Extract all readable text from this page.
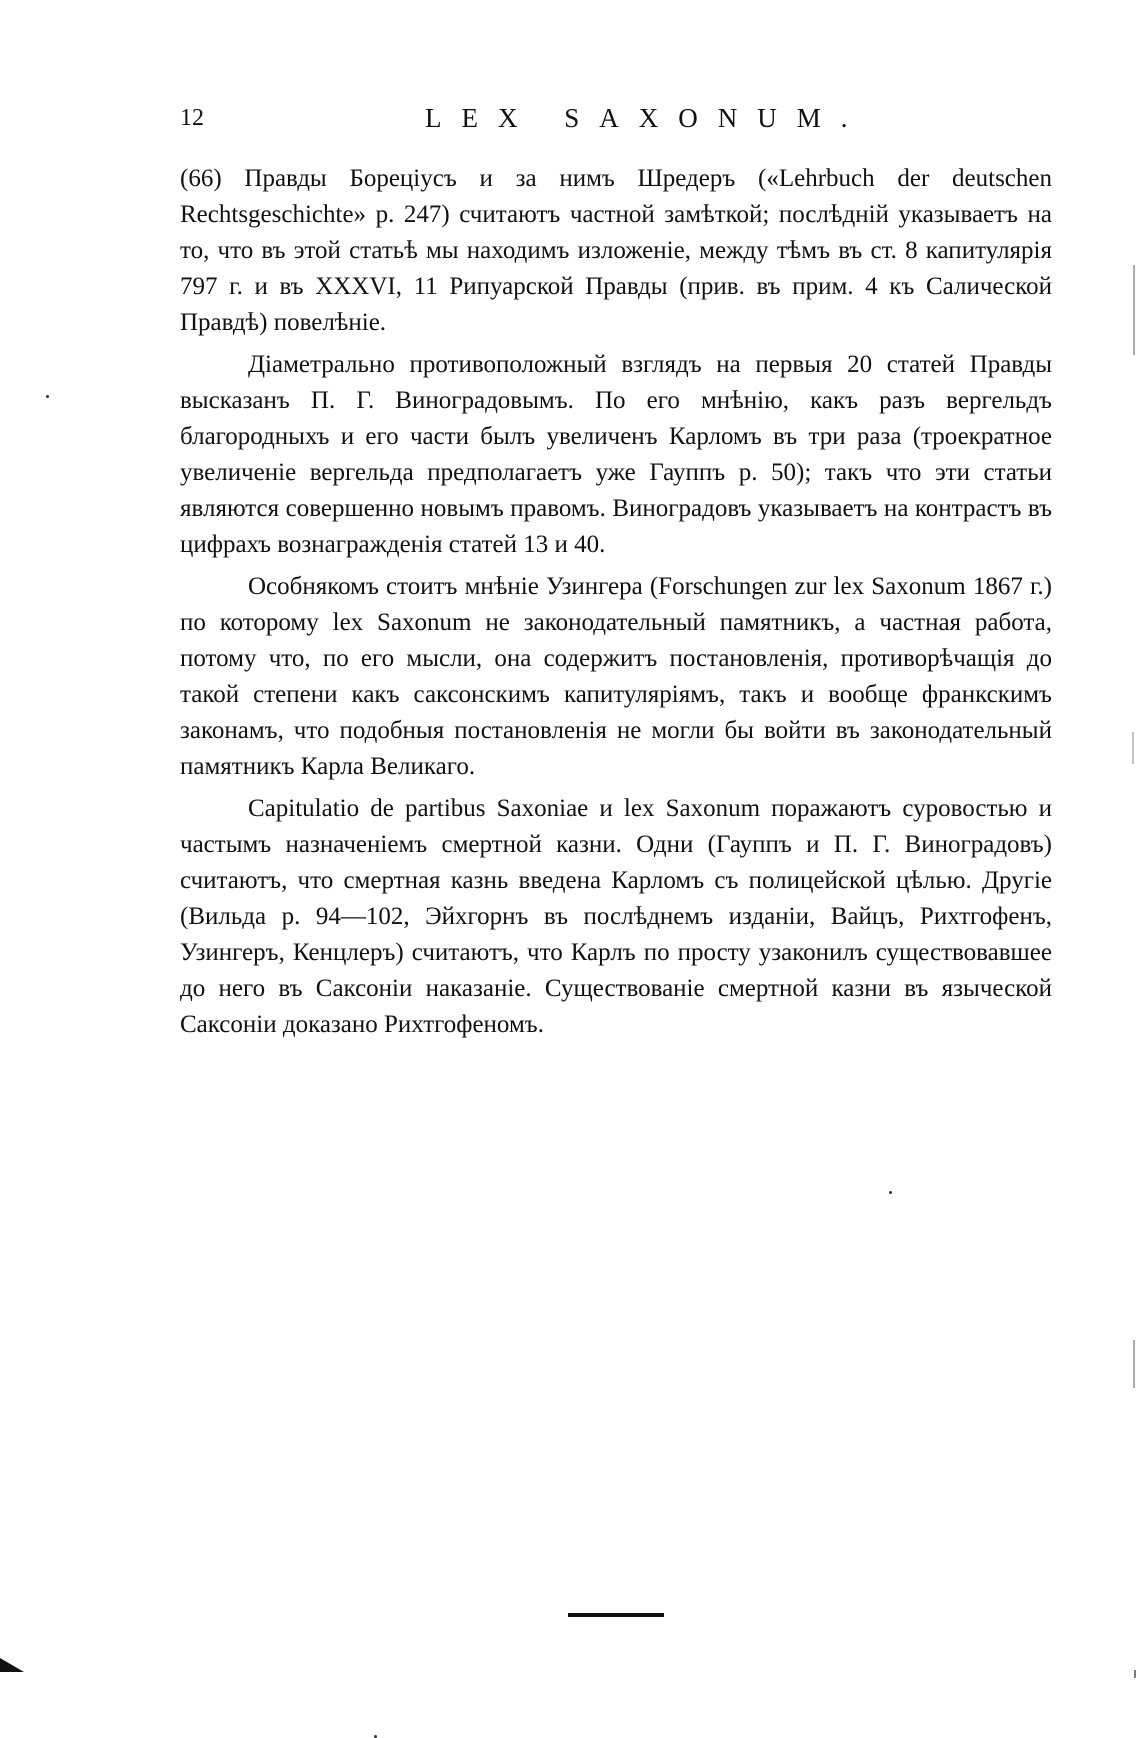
12	LEX SAXONUM.

(66) Правды Борецiусъ и за нимъ Шредеръ («Lehrbuch der deutschen Rechtsgeschichte» p. 247) считаютъ частной замѣткой; послѣднiй указываетъ на то, что въ этой статьѣ мы находимъ изложенiе, между тѣмъ въ ст. 8 капитулярiя 797 г. и въ XXXVI, 11 Рипуарской Правды (прив. въ прим. 4 къ Салической Правдѣ) повелѣнiе.

Дiаметрально противоположный взглядъ на первыя 20 статей Правды высказанъ П. Г. Виноградовымъ. По его мнѣнiю, какъ разъ вергельдъ благородныхъ и его части былъ увеличенъ Карломъ въ три раза (троекратное увеличенiе вергельда предполагаетъ уже Гауппъ p. 50); такъ что эти статьи являются совершенно новымъ правомъ. Виноградовъ указываетъ на контрастъ въ цифрахъ вознагражденiя статей 13 и 40.

Особнякомъ стоитъ мнѣнiе Узингера (Forschungen zur lex Saxonum 1867 г.) по которому lex Saxonum не законодательный памятникъ, а частная работа, потому что, по его мысли, она содержитъ постановленiя, противорѣчащiя до такой степени какъ саксонскимъ капитулярiямъ, такъ и вообще франкскимъ законамъ, что подобныя постановленiя не могли бы войти въ законодательный памятникъ Карла Великаго.

Capitulatio de partibus Saxoniae и lex Saxonum поражаютъ суровостью и частымъ назначенiемъ смертной казни. Одни (Гауппъ и П. Г. Виноградовъ) считаютъ, что смертная казнь введена Карломъ съ полицейской цѣлью. Другiе (Вильда p. 94—102, Эйхгорнъ въ послѣднемъ изданiи, Вайцъ, Рихтгофенъ, Узингеръ, Кенцлеръ) считаютъ, что Карлъ по просту узаконилъ существовавшее до него въ Саксонiи наказанiе. Существованiе смертной казни въ языческой Саксонiи доказано Рихтгофеномъ.
